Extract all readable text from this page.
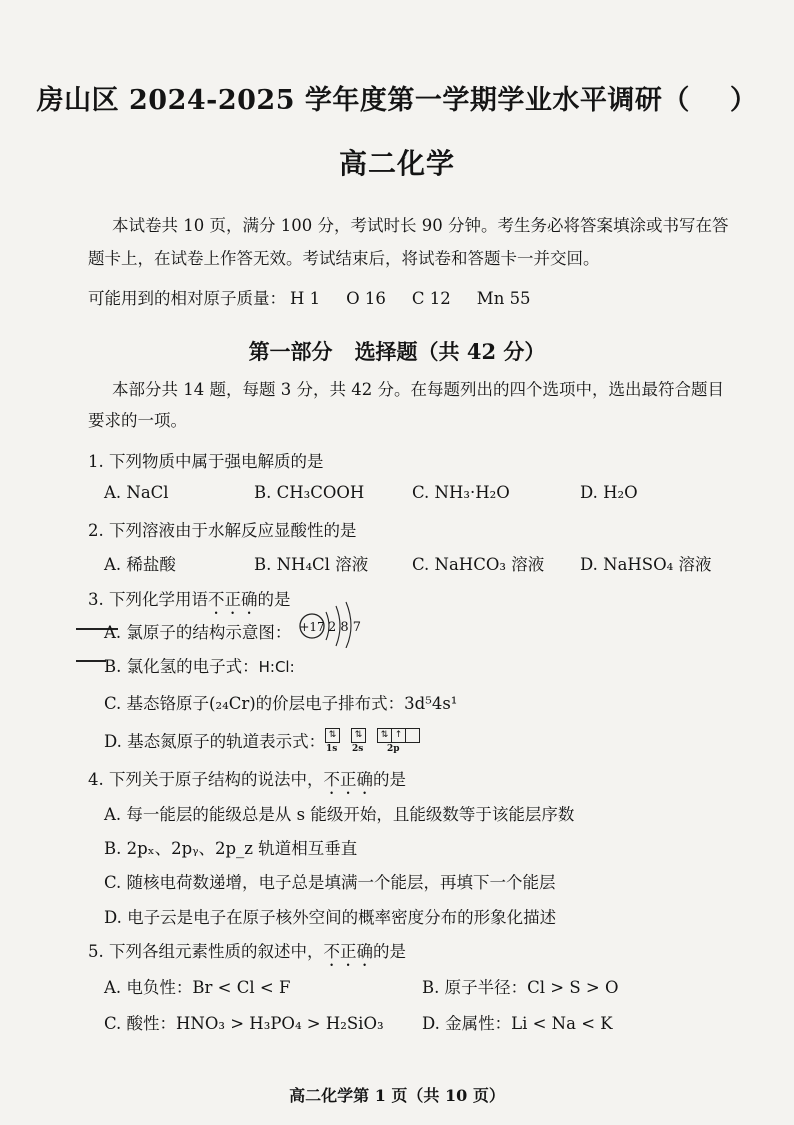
房山区 2024-2025 学年度第一学期学业水平调研（ ）
高二化学
本试卷共 10 页，满分 100 分，考试时长 90 分钟。考生务必将答案填涂或书写在答
题卡上，在试卷上作答无效。考试结束后，将试卷和答题卡一并交回。
可能用到的相对原子质量： H 1 O 16 C 12 Mn 55
第一部分 选择题（共 42 分）
本部分共 14 题，每题 3 分，共 42 分。在每题列出的四个选项中，选出最符合题目
要求的一项。
1. 下列物质中属于强电解质的是
A. NaCl	B. CH₃COOH	C. NH₃·H₂O	D. H₂O
2. 下列溶液由于水解反应显酸性的是
A. 稀盐酸	B. NH₄Cl 溶液	C. NaHCO₃ 溶液 D. NaHSO₄ 溶液
3. 下列化学用语不正确的是
A. 氯原子的结构示意图： +17 2 8 7
B. 氯化氢的电子式：H:Cl:
C. 基态铬原子(₂₄Cr)的价层电子排布式：3d⁵4s¹
D. 基态氮原子的轨道表示式： ⇅ ⇅ ⇅ ↑
1s 2s	2p
4. 下列关于原子结构的说法中，不正确的是
A. 每一能层的能级总是从 s 能级开始，且能级数等于该能层序数
B. 2pₓ、2pᵧ、2p_z 轨道相互垂直
C. 随核电荷数递增，电子总是填满一个能层，再填下一个能层
D. 电子云是电子在原子核外空间的概率密度分布的形象化描述
5. 下列各组元素性质的叙述中，不正确的是
A. 电负性：Br < Cl < F	B. 原子半径：Cl > S > O
C. 酸性：HNO₃ > H₃PO₄ > H₂SiO₃ D. 金属性：Li < Na < K
高二化学第 1 页（共 10 页）
